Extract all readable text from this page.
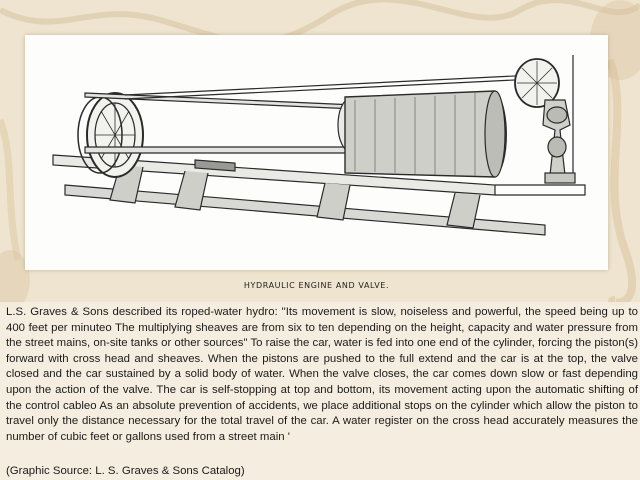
HYDRAULIC ENGINE AND VALVE.
L.S. Graves & Sons described its roped-water hydro: "Its movement is slow, noiseless and powerful, the speed being up to 400 feet per minuteo The multiplying sheaves are from six to ten depending on the height, capacity and water pressure from the street mains, on-site tanks or other sources" To raise the car, water is fed into one end of the cylinder, forcing the piston(s) forward with cross head and sheaves. When the pistons are pushed to the full extend and the car is at the top, the valve closed and the car sustained by a solid body of water. When the valve closes, the car comes down slow or fast depending upon the action of the valve. The car is self-stopping at top and bottom, its movement acting upon the automatic shifting of the control cableo As an absolute prevention of accidents, we place additional stops on the cylinder which allow the piston to travel only the distance necessary for the total travel of the car. A water register on the cross head accurately measures the number of cubic feet or gallons used from a street main '
(Graphic Source: L. S. Graves & Sons Catalog)
